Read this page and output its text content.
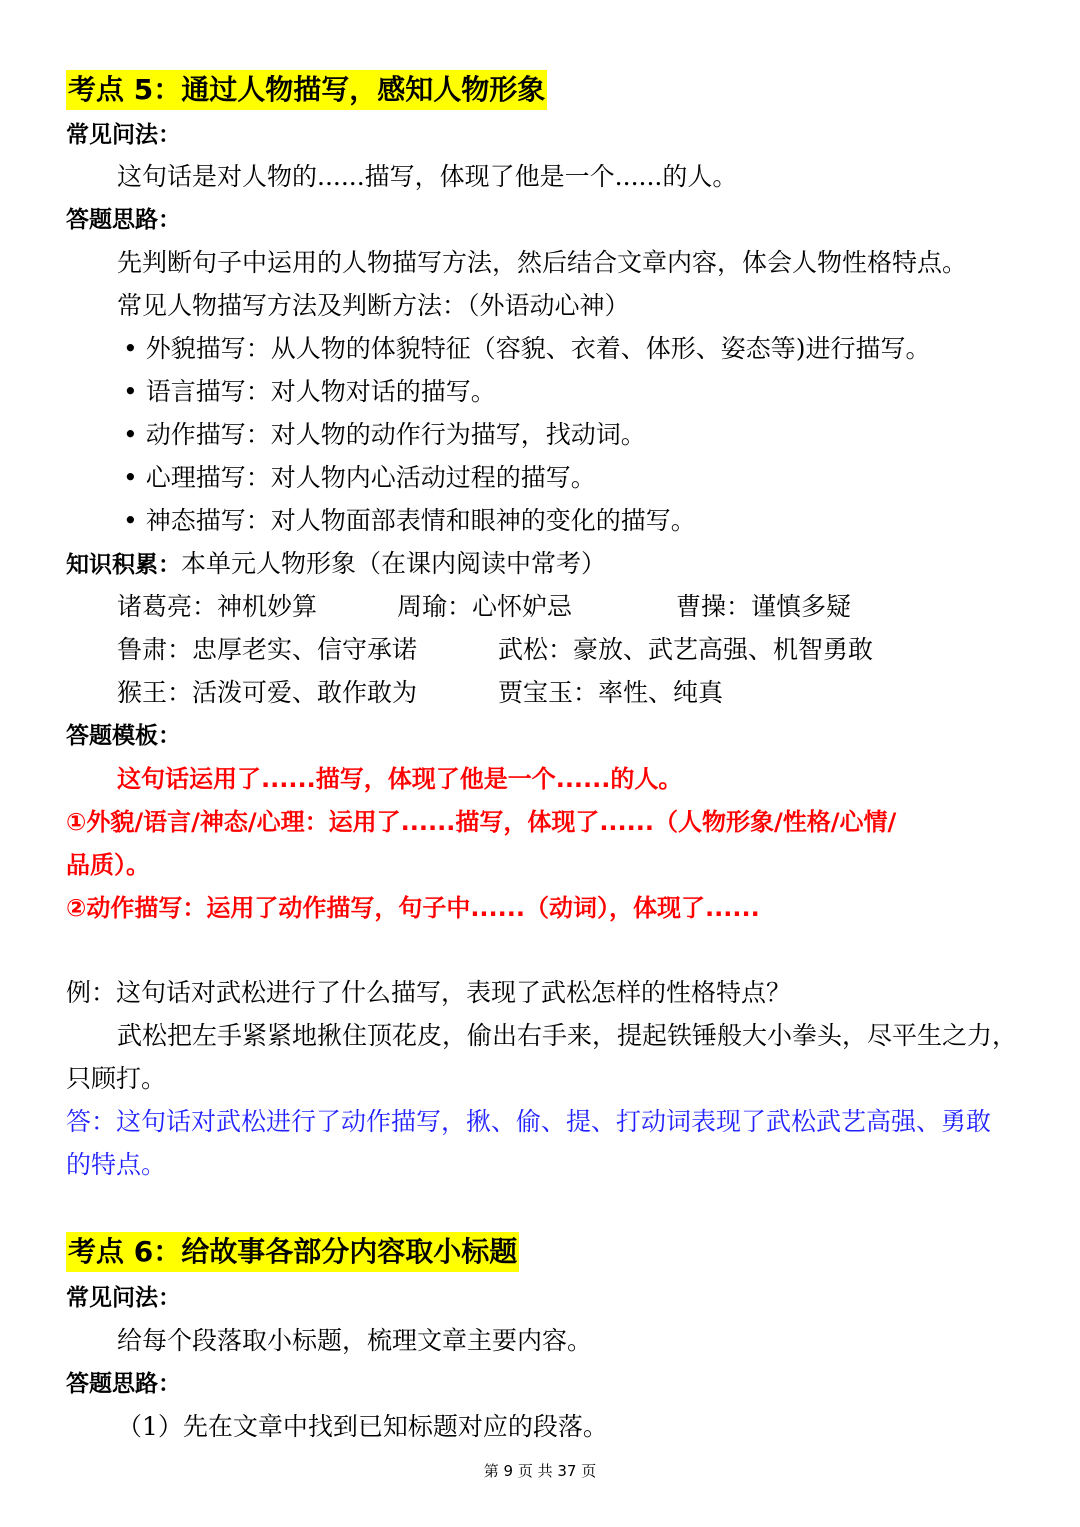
考点 5：通过人物描写，感知人物形象
常见问法：
这句话是对人物的......描写，体现了他是一个......的人。
答题思路：
先判断句子中运用的人物描写方法，然后结合文章内容，体会人物性格特点。
常见人物描写方法及判断方法：（外语动心神）
• 外貌描写：从人物的体貌特征（容貌、衣着、体形、姿态等)进行描写。
• 语言描写：对人物对话的描写。
• 动作描写：对人物的动作行为描写，找动词。
• 心理描写：对人物内心活动过程的描写。
• 神态描写：对人物面部表情和眼神的变化的描写。
知识积累：本单元人物形象（在课内阅读中常考）
诸葛亮：神机妙算	周瑜：心怀妒忌	曹操：谨慎多疑
鲁肃：忠厚老实、信守承诺	武松：豪放、武艺高强、机智勇敢
猴王：活泼可爱、敢作敢为	贾宝玉：率性、纯真
答题模板：
这句话运用了......描写，体现了他是一个......的人。
①外貌/语言/神态/心理：运用了......描写，体现了......（人物形象/性格/心情/
品质）。
②动作描写：运用了动作描写，句子中......（动词），体现了......
例：这句话对武松进行了什么描写，表现了武松怎样的性格特点？
武松把左手紧紧地揪住顶花皮，偷出右手来，提起铁锤般大小拳头，尽平生之力，
只顾打。
答：这句话对武松进行了动作描写，揪、偷、提、打动词表现了武松武艺高强、勇敢
的特点。
考点 6：给故事各部分内容取小标题
常见问法：
给每个段落取小标题，梳理文章主要内容。
答题思路：
（1）先在文章中找到已知标题对应的段落。
第 9 页 共 37 页
